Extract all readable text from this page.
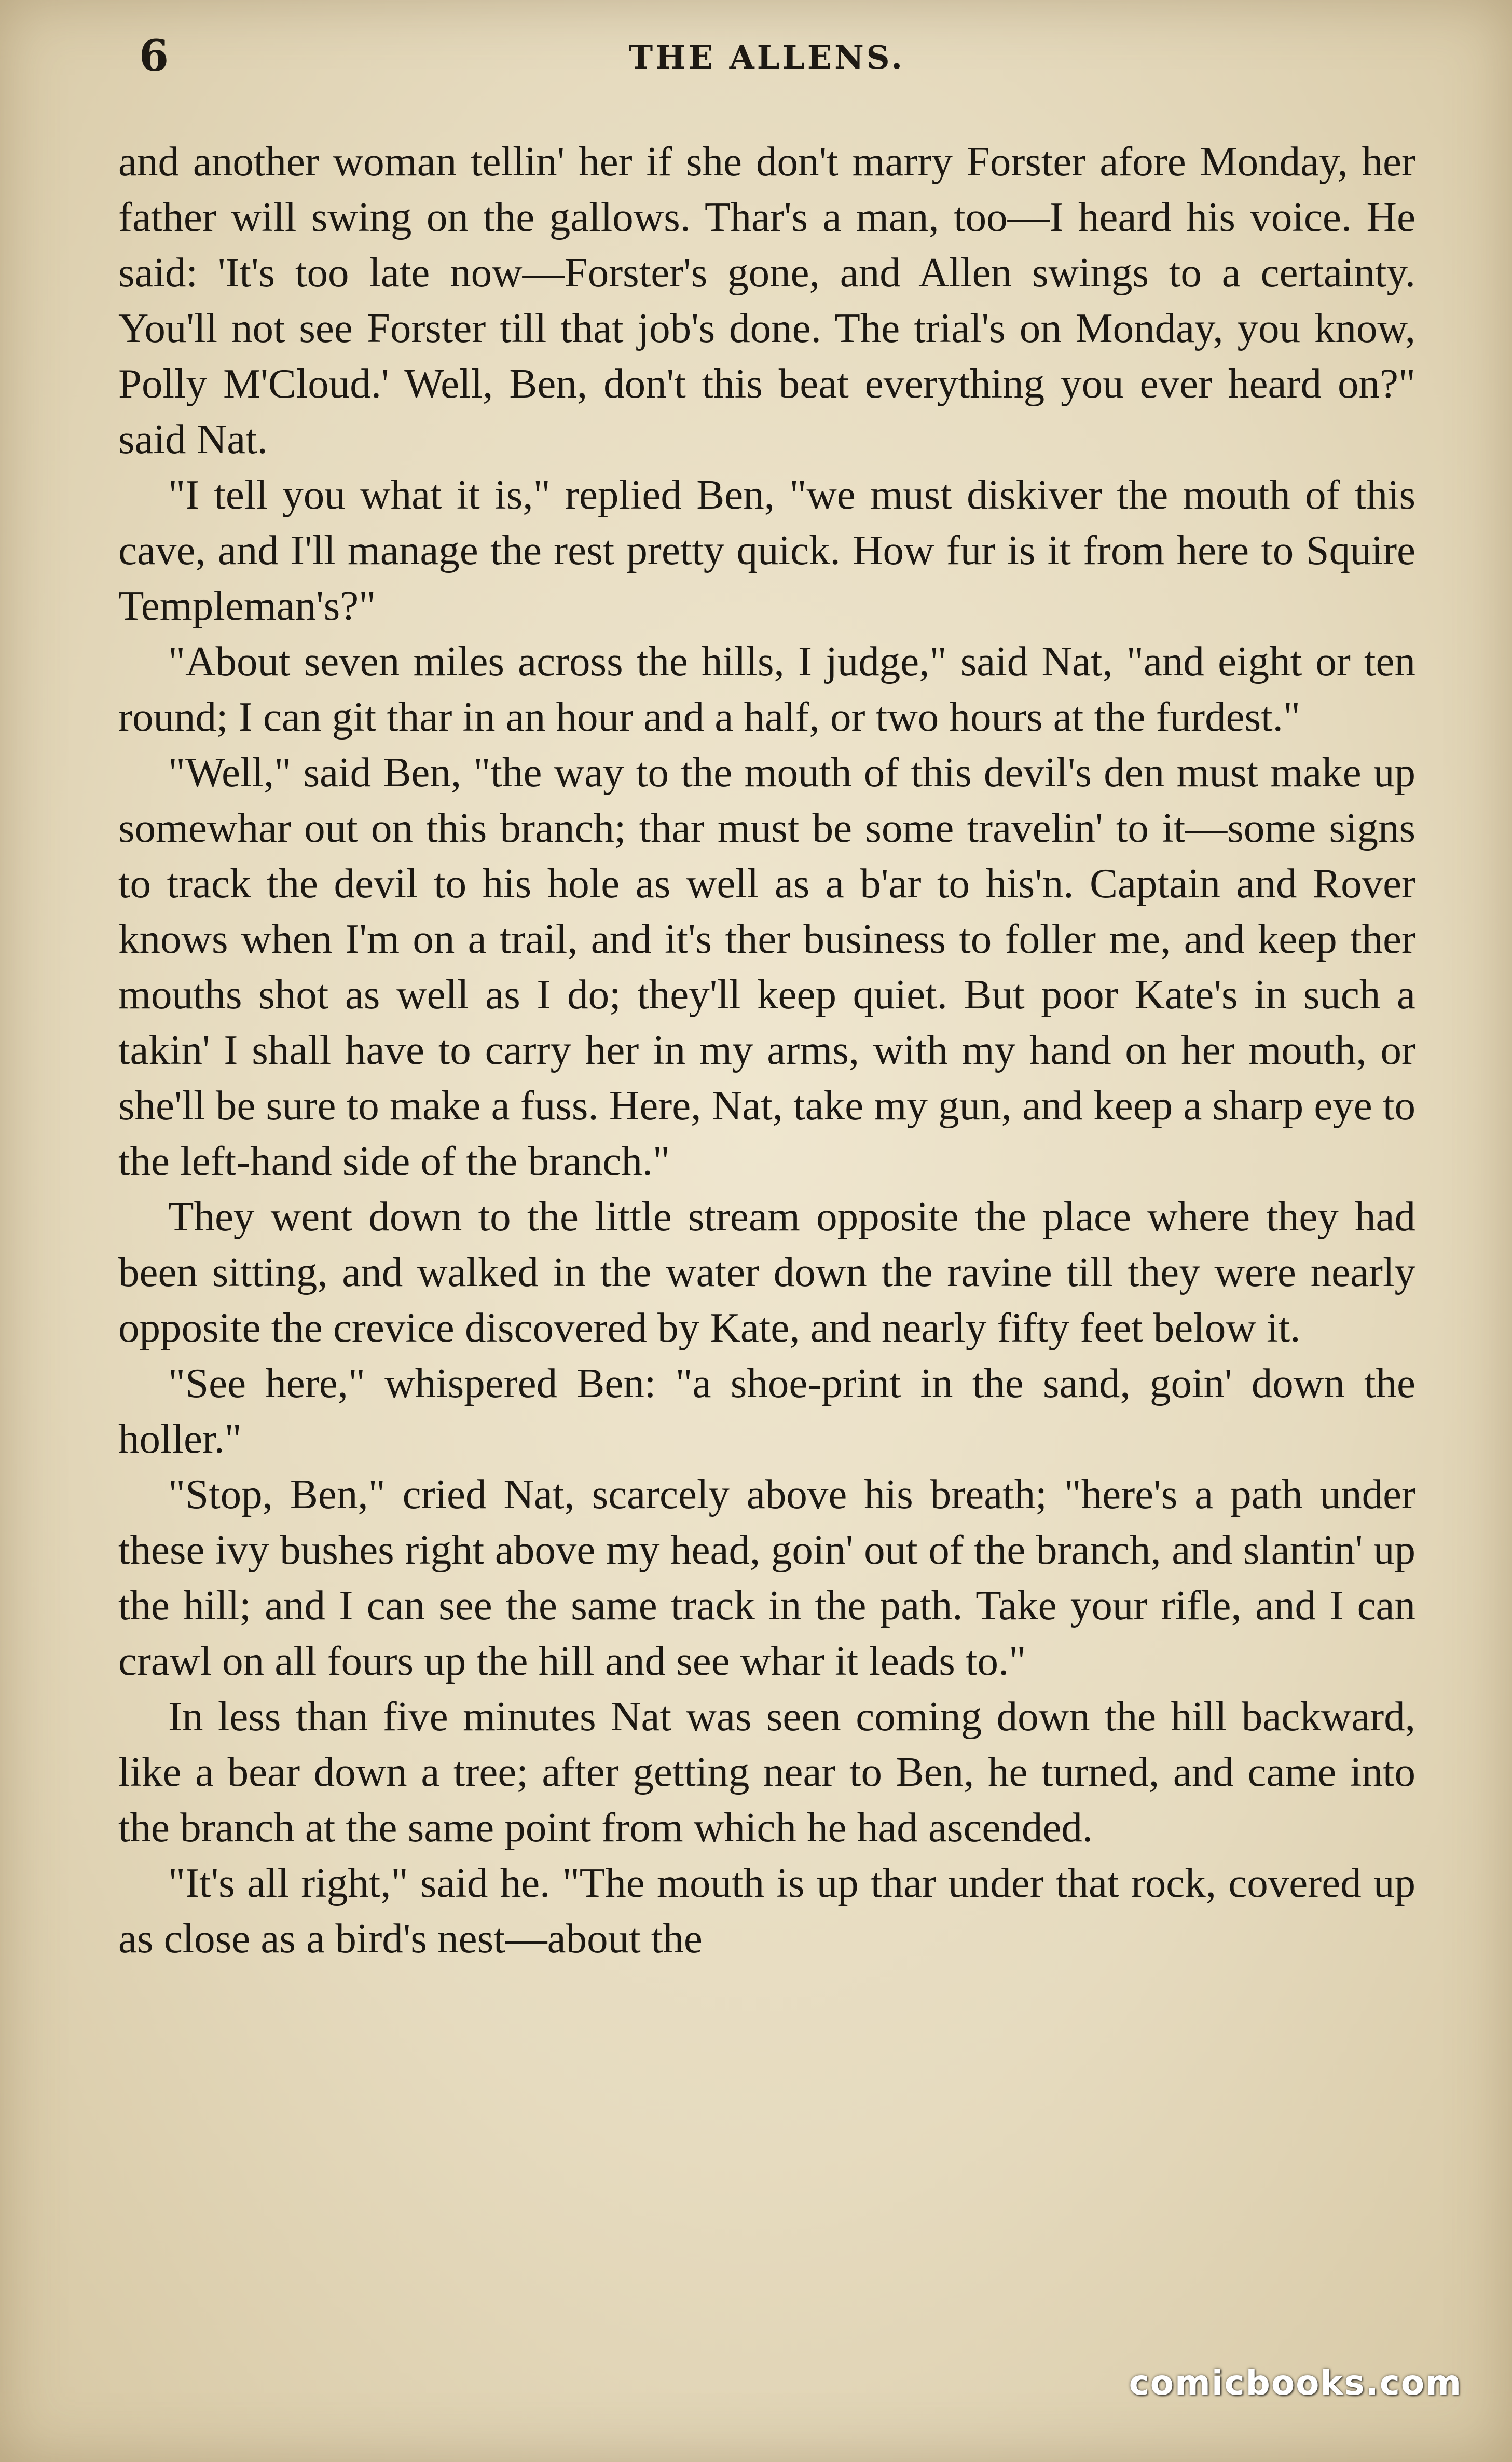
6	THE ALLENS.

and another woman tellin' her if she don't marry Forster afore Monday, her father will swing on the gallows. Thar's a man, too—I heard his voice. He said: 'It's too late now—Forster's gone, and Allen swings to a certainty. You'll not see Forster till that job's done. The trial's on Monday, you know, Polly M'Cloud.' Well, Ben, don't this beat everything you ever heard on?" said Nat.

"I tell you what it is," replied Ben, "we must diskiver the mouth of this cave, and I'll manage the rest pretty quick. How fur is it from here to Squire Templeman's?"

"About seven miles across the hills, I judge," said Nat, "and eight or ten round; I can git thar in an hour and a half, or two hours at the furdest."

"Well," said Ben, "the way to the mouth of this devil's den must make up somewhar out on this branch; thar must be some travelin' to it—some signs to track the devil to his hole as well as a b'ar to his'n. Captain and Rover knows when I'm on a trail, and it's ther business to foller me, and keep ther mouths shot as well as I do; they'll keep quiet. But poor Kate's in such a takin' I shall have to carry her in my arms, with my hand on her mouth, or she'll be sure to make a fuss. Here, Nat, take my gun, and keep a sharp eye to the left-hand side of the branch."

They went down to the little stream opposite the place where they had been sitting, and walked in the water down the ravine till they were nearly opposite the crevice discovered by Kate, and nearly fifty feet below it.

"See here," whispered Ben: "a shoe-print in the sand, goin' down the holler."

"Stop, Ben," cried Nat, scarcely above his breath; "here's a path under these ivy bushes right above my head, goin' out of the branch, and slantin' up the hill; and I can see the same track in the path. Take your rifle, and I can crawl on all fours up the hill and see whar it leads to."

In less than five minutes Nat was seen coming down the hill backward, like a bear down a tree; after getting near to Ben, he turned, and came into the branch at the same point from which he had ascended.

"It's all right," said he. "The mouth is up thar under that rock, covered up as close as a bird's nest—about the

comicbooks.com
